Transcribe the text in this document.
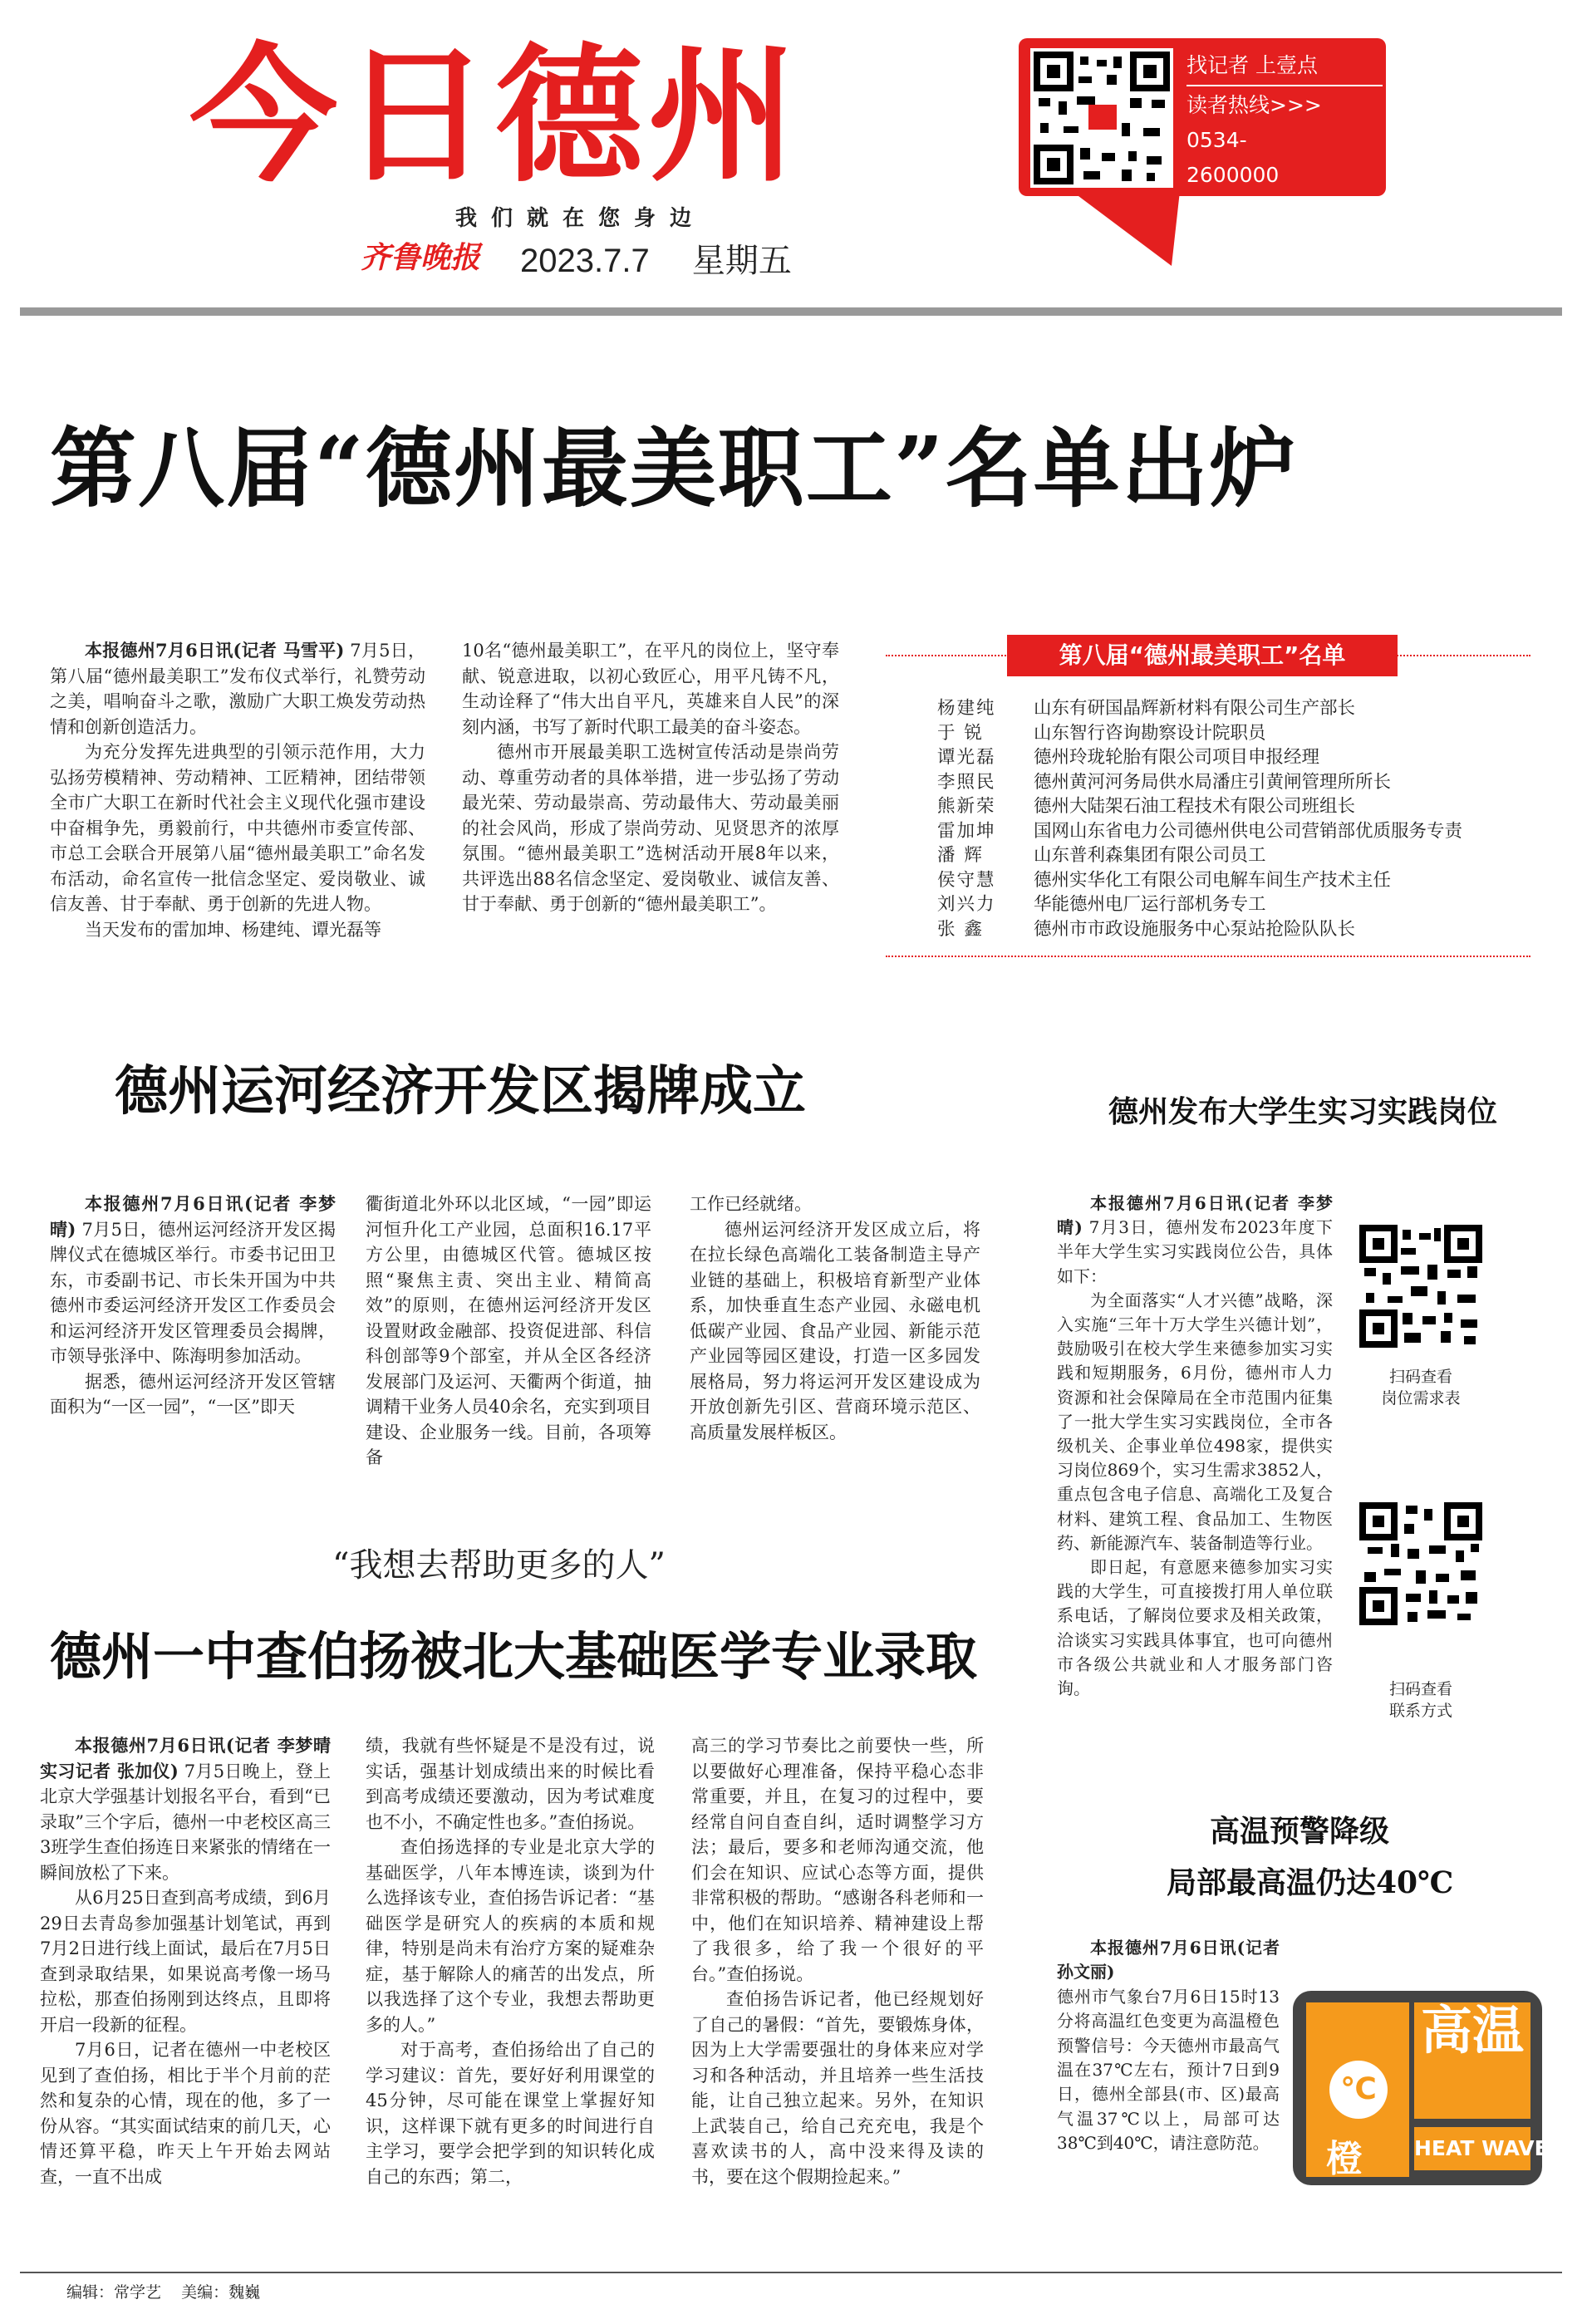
今日德州
我们就在您身边
齐鲁晚报 2023.7.7 星期五
找记者 上壹点
读者热线>>>
0534-
2600000
第八届“德州最美职工”名单出炉

本报德州7月6日讯(记者 马雪平) 7月5日，第八届“德州最美职工”发布仪式举行，礼赞劳动之美，唱响奋斗之歌，激励广大职工焕发劳动热情和创新创造活力。

为充分发挥先进典型的引领示范作用，大力弘扬劳模精神、劳动精神、工匠精神，团结带领全市广大职工在新时代社会主义现代化强市建设中奋楫争先，勇毅前行，中共德州市委宣传部、市总工会联合开展第八届“德州最美职工”命名发布活动，命名宣传一批信念坚定、爱岗敬业、诚信友善、甘于奉献、勇于创新的先进人物。

当天发布的雷加坤、杨建纯、谭光磊等

10名“德州最美职工”，在平凡的岗位上，坚守奉献、锐意进取，以初心致匠心，用平凡铸不凡，生动诠释了“伟大出自平凡，英雄来自人民”的深刻内涵，书写了新时代职工最美的奋斗姿态。

德州市开展最美职工选树宣传活动是崇尚劳动、尊重劳动者的具体举措，进一步弘扬了劳动最光荣、劳动最崇高、劳动最伟大、劳动最美丽的社会风尚，形成了崇尚劳动、见贤思齐的浓厚氛围。“德州最美职工”选树活动开展8年以来，共评选出88名信念坚定、爱岗敬业、诚信友善、甘于奉献、勇于创新的“德州最美职工”。

第八届“德州最美职工”名单
杨建纯	山东有研国晶辉新材料有限公司生产部长
于 锐	山东智行咨询勘察设计院职员
谭光磊	德州玲珑轮胎有限公司项目申报经理
李照民	德州黄河河务局供水局潘庄引黄闸管理所所长
熊新荣	德州大陆架石油工程技术有限公司班组长
雷加坤	国网山东省电力公司德州供电公司营销部优质服务专责
潘 辉	山东普利森集团有限公司员工
侯守慧	德州实华化工有限公司电解车间生产技术主任
刘兴力	华能德州电厂运行部机务专工
张 鑫	德州市市政设施服务中心泵站抢险队队长
德州运河经济开发区揭牌成立

本报德州7月6日讯(记者 李梦晴) 7月5日，德州运河经济开发区揭牌仪式在德城区举行。市委书记田卫东，市委副书记、市长朱开国为中共德州市委运河经济开发区工作委员会和运河经济开发区管理委员会揭牌，市领导张泽中、陈海明参加活动。

据悉，德州运河经济开发区管辖面积为“一区一园”，“一区”即天

衢街道北外环以北区域，“一园”即运河恒升化工产业园，总面积16.17平方公里，由德城区代管。德城区按照“聚焦主责、突出主业、精简高效”的原则，在德州运河经济开发区设置财政金融部、投资促进部、科信科创部等9个部室，并从全区各经济发展部门及运河、天衢两个街道，抽调精干业务人员40余名，充实到项目建设、企业服务一线。目前，各项筹备

工作已经就绪。

德州运河经济开发区成立后，将在拉长绿色高端化工装备制造主导产业链的基础上，积极培育新型产业体系，加快垂直生态产业园、永磁电机低碳产业园、食品产业园、新能示范产业园等园区建设，打造一区多园发展格局，努力将运河开发区建设成为开放创新先引区、营商环境示范区、高质量发展样板区。

德州发布大学生实习实践岗位

本报德州7月6日讯(记者 李梦晴) 7月3日，德州发布2023年度下半年大学生实习实践岗位公告，具体如下：

为全面落实“人才兴德”战略，深入实施“三年十万大学生兴德计划”，鼓励吸引在校大学生来德参加实习实践和短期服务，6月份，德州市人力资源和社会保障局在全市范围内征集了一批大学生实习实践岗位，全市各级机关、企事业单位498家，提供实习岗位869个，实习生需求3852人，重点包含电子信息、高端化工及复合材料、建筑工程、食品加工、生物医药、新能源汽车、装备制造等行业。

即日起，有意愿来德参加实习实践的大学生，可直接拨打用人单位联系电话，了解岗位要求及相关政策，洽谈实习实践具体事宜，也可向德州市各级公共就业和人才服务部门咨询。

扫码查看
岗位需求表
扫码查看
联系方式
“我想去帮助更多的人”
德州一中查伯扬被北大基础医学专业录取

本报德州7月6日讯(记者 李梦晴 实习记者 张加仪) 7月5日晚上，登上北京大学强基计划报名平台，看到“已录取”三个字后，德州一中老校区高三3班学生查伯扬连日来紧张的情绪在一瞬间放松了下来。

从6月25日查到高考成绩，到6月29日去青岛参加强基计划笔试，再到7月2日进行线上面试，最后在7月5日查到录取结果，如果说高考像一场马拉松，那查伯扬刚到达终点，且即将开启一段新的征程。

7月6日，记者在德州一中老校区见到了查伯扬，相比于半个月前的茫然和复杂的心情，现在的他，多了一份从容。“其实面试结束的前几天，心情还算平稳，昨天上午开始去网站查，一直不出成

绩，我就有些怀疑是不是没有过，说实话，强基计划成绩出来的时候比看到高考成绩还要激动，因为考试难度也不小，不确定性也多。”查伯扬说。

查伯扬选择的专业是北京大学的基础医学，八年本博连读，谈到为什么选择该专业，查伯扬告诉记者：“基础医学是研究人的疾病的本质和规律，特别是尚未有治疗方案的疑难杂症，基于解除人的痛苦的出发点，所以我选择了这个专业，我想去帮助更多的人。”

对于高考，查伯扬给出了自己的学习建议：首先，要好好利用课堂的45分钟，尽可能在课堂上掌握好知识，这样课下就有更多的时间进行自主学习，要学会把学到的知识转化成自己的东西；第二，

高三的学习节奏比之前要快一些，所以要做好心理准备，保持平稳心态非常重要，并且，在复习的过程中，要经常自问自查自纠，适时调整学习方法；最后，要多和老师沟通交流，他们会在知识、应试心态等方面，提供非常积极的帮助。“感谢各科老师和一中，他们在知识培养、精神建设上帮了我很多，给了我一个很好的平台。”查伯扬说。

查伯扬告诉记者，他已经规划好了自己的暑假：“首先，要锻炼身体，因为上大学需要强壮的身体来应对学习和各种活动，并且培养一些生活技能，让自己独立起来。另外，在知识上武装自己，给自己充充电，我是个喜欢读书的人，高中没来得及读的书，要在这个假期捡起来。”

高温预警降级
局部最高温仍达40℃

本报德州7月6日讯(记者 孙文丽)

德州市气象台7月6日15时13分将高温红色变更为高温橙色预警信号：今天德州市最高气温在37℃左右，预计7日到9日，德州全部县(市、区)最高气温37℃以上，局部可达38℃到40℃，请注意防范。

℃
橙
高温
HEAT WAVE
编辑：常学艺 美编：魏巍
